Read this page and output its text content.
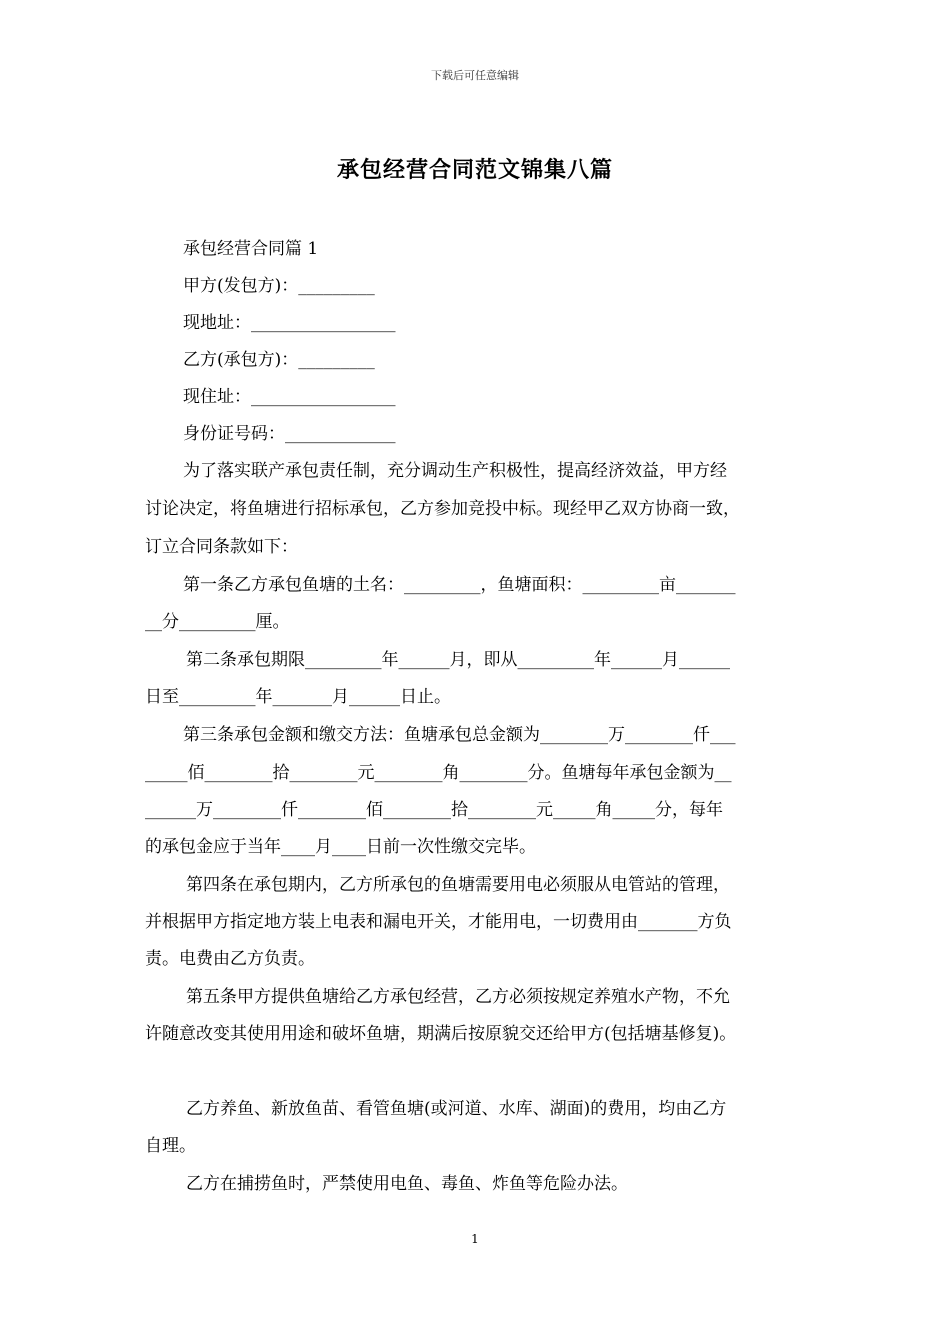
下载后可任意编辑
承包经营合同范文锦集八篇
承包经营合同篇 1
甲方(发包方)：_________
现地址：_________________
乙方(承包方)：_________
现住址：_________________
身份证号码：_____________
为了落实联产承包责任制，充分调动生产积极性，提高经济效益，甲方经
讨论决定，将鱼塘进行招标承包，乙方参加竞投中标。现经甲乙双方协商一致，
订立合同条款如下：
第一条乙方承包鱼塘的土名：_________，鱼塘面积：_________亩_______
__分_________厘。
第二条承包期限_________年______月，即从_________年______月______
日至_________年_______月______日止。
第三条承包金额和缴交方法：鱼塘承包总金额为________万________仟___
_____佰________拾________元________角________分。鱼塘每年承包金额为__
______万________仟________佰________拾________元_____角_____分，每年
的承包金应于当年____月____日前一次性缴交完毕。
第四条在承包期内，乙方所承包的鱼塘需要用电必须服从电管站的管理，
并根据甲方指定地方装上电表和漏电开关，才能用电，一切费用由_______方负
责。电费由乙方负责。
第五条甲方提供鱼塘给乙方承包经营，乙方必须按规定养殖水产物，不允
许随意改变其使用用途和破坏鱼塘，期满后按原貌交还给甲方(包括塘基修复)。
乙方养鱼、新放鱼苗、看管鱼塘(或河道、水库、湖面)的费用，均由乙方
自理。
乙方在捕捞鱼时，严禁使用电鱼、毒鱼、炸鱼等危险办法。
1
